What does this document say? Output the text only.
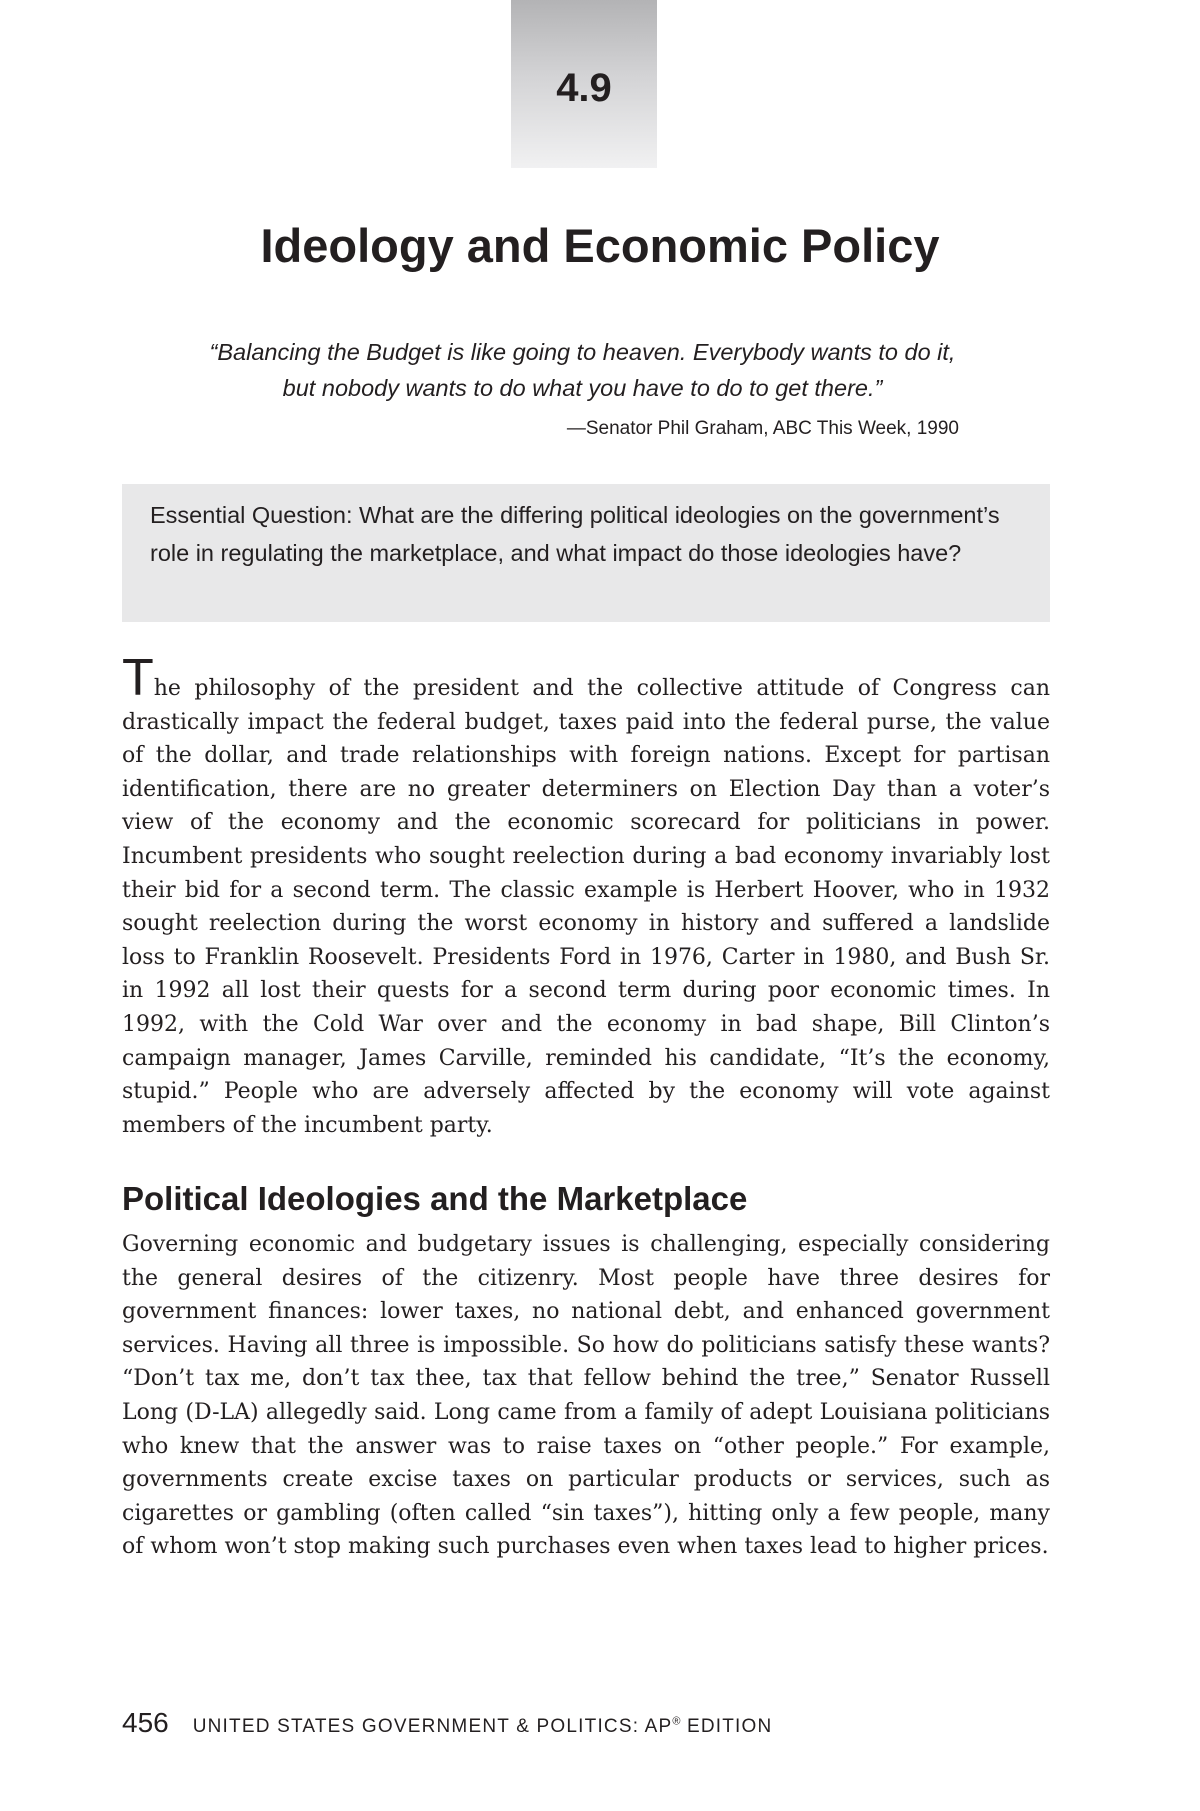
4.9
Ideology and Economic Policy
“Balancing the Budget is like going to heaven. Everybody wants to do it,
but nobody wants to do what you have to do to get there.”
—Senator Phil Graham, ABC This Week, 1990
Essential Question: What are the differing political ideologies on the government’s role in regulating the marketplace, and what impact do those ideologies have?

The philosophy of the president and the collective attitude of Congress can drastically impact the federal budget, taxes paid into the federal purse, the value of the dollar, and trade relationships with foreign nations. Except for partisan identification, there are no greater determiners on Election Day than a voter’s view of the economy and the economic scorecard for politicians in power. Incumbent presidents who sought reelection during a bad economy invariably lost their bid for a second term. The classic example is Herbert Hoover, who in 1932 sought reelection during the worst economy in history and suffered a landslide loss to Franklin Roosevelt. Presidents Ford in 1976, Carter in 1980, and Bush Sr. in 1992 all lost their quests for a second term during poor economic times. In 1992, with the Cold War over and the economy in bad shape, Bill Clinton’s campaign manager, James Carville, reminded his candidate, “It’s the economy, stupid.” People who are adversely affected by the economy will vote against members of the incumbent party.

Political Ideologies and the Marketplace

Governing economic and budgetary issues is challenging, especially considering the general desires of the citizenry. Most people have three desires for government finances: lower taxes, no national debt, and enhanced government services. Having all three is impossible. So how do politicians satisfy these wants? “Don’t tax me, don’t tax thee, tax that fellow behind the tree,” Senator Russell Long (D-LA) allegedly said. Long came from a family of adept Louisiana politicians who knew that the answer was to raise taxes on “other people.” For example, governments create excise taxes on particular products or services, such as cigarettes or gambling (often called “sin taxes”), hitting only a few people, many of whom won’t stop making such purchases even when taxes lead to higher prices.

456 UNITED STATES GOVERNMENT & POLITICS: AP® EDITION
